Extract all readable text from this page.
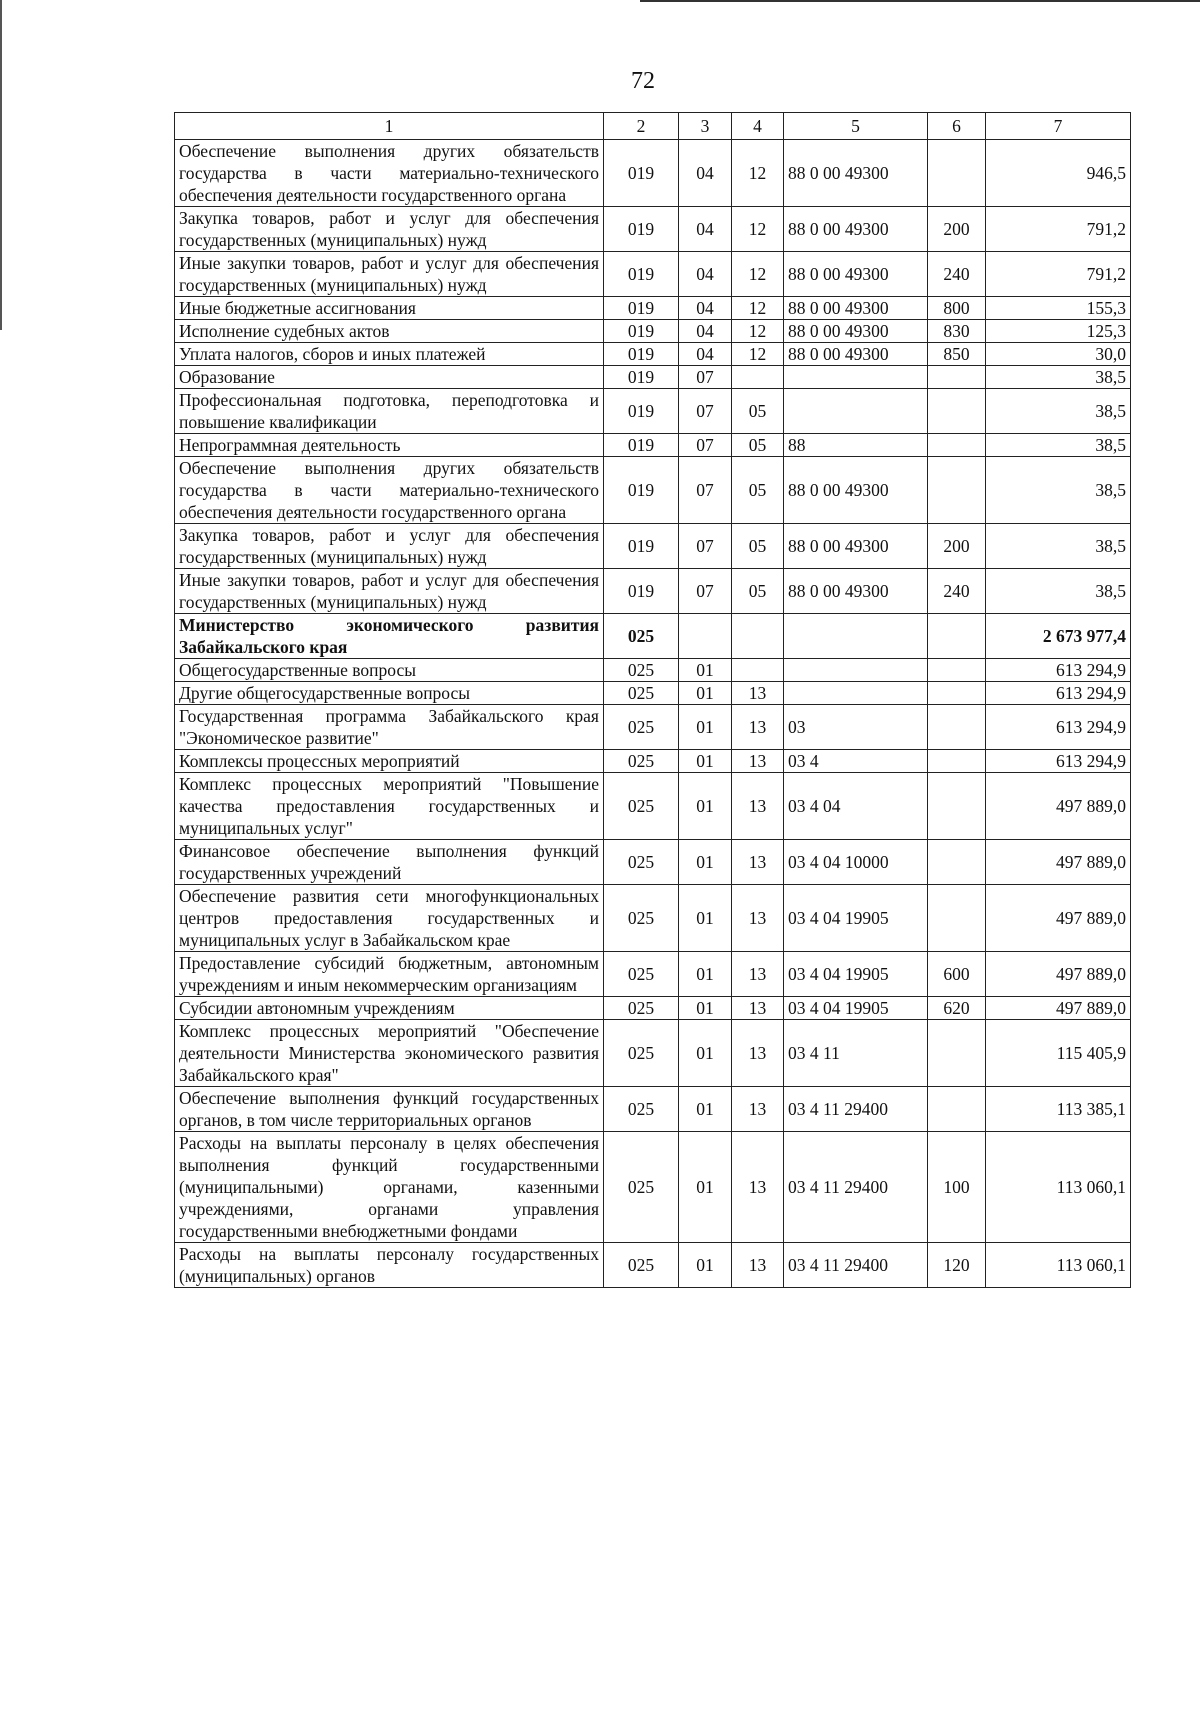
72
1	2	3	4	5	6	7
Обеспечение выполнения других обязательств государства в части материально-технического обеспечения деятельности государственного органа	019	04	12	88 0 00 49300		946,5
Закупка товаров, работ и услуг для обеспечения государственных (муниципальных) нужд	019	04	12	88 0 00 49300	200	791,2
Иные закупки товаров, работ и услуг для обеспечения государственных (муниципальных) нужд	019	04	12	88 0 00 49300	240	791,2
Иные бюджетные ассигнования	019	04	12	88 0 00 49300	800	155,3
Исполнение судебных актов	019	04	12	88 0 00 49300	830	125,3
Уплата налогов, сборов и иных платежей	019	04	12	88 0 00 49300	850	30,0
Образование	019	07				38,5
Профессиональная подготовка, переподготовка и повышение квалификации	019	07	05			38,5
Непрограммная деятельность	019	07	05	88		38,5
Обеспечение выполнения других обязательств государства в части материально-технического обеспечения деятельности государственного органа	019	07	05	88 0 00 49300		38,5
Закупка товаров, работ и услуг для обеспечения государственных (муниципальных) нужд	019	07	05	88 0 00 49300	200	38,5
Иные закупки товаров, работ и услуг для обеспечения государственных (муниципальных) нужд	019	07	05	88 0 00 49300	240	38,5
Министерство экономического развития Забайкальского края	025					2 673 977,4
Общегосударственные вопросы	025	01				613 294,9
Другие общегосударственные вопросы	025	01	13			613 294,9
Государственная программа Забайкальского края "Экономическое развитие"	025	01	13	03		613 294,9
Комплексы процессных мероприятий	025	01	13	03 4		613 294,9
Комплекс процессных мероприятий "Повышение качества предоставления государственных и муниципальных услуг"	025	01	13	03 4 04		497 889,0
Финансовое обеспечение выполнения функций государственных учреждений	025	01	13	03 4 04 10000		497 889,0
Обеспечение развития сети многофункциональных центров предоставления государственных и муниципальных услуг в Забайкальском крае	025	01	13	03 4 04 19905		497 889,0
Предоставление субсидий бюджетным, автономным учреждениям и иным некоммерческим организациям	025	01	13	03 4 04 19905	600	497 889,0
Субсидии автономным учреждениям	025	01	13	03 4 04 19905	620	497 889,0
Комплекс процессных мероприятий "Обеспечение деятельности Министерства экономического развития Забайкальского края"	025	01	13	03 4 11		115 405,9
Обеспечение выполнения функций государственных органов, в том числе территориальных органов	025	01	13	03 4 11 29400		113 385,1
Расходы на выплаты персоналу в целях обеспечения выполнения функций государственными (муниципальными) органами, казенными учреждениями, органами управления государственными внебюджетными фондами	025	01	13	03 4 11 29400	100	113 060,1
Расходы на выплаты персоналу государственных (муниципальных) органов	025	01	13	03 4 11 29400	120	113 060,1
